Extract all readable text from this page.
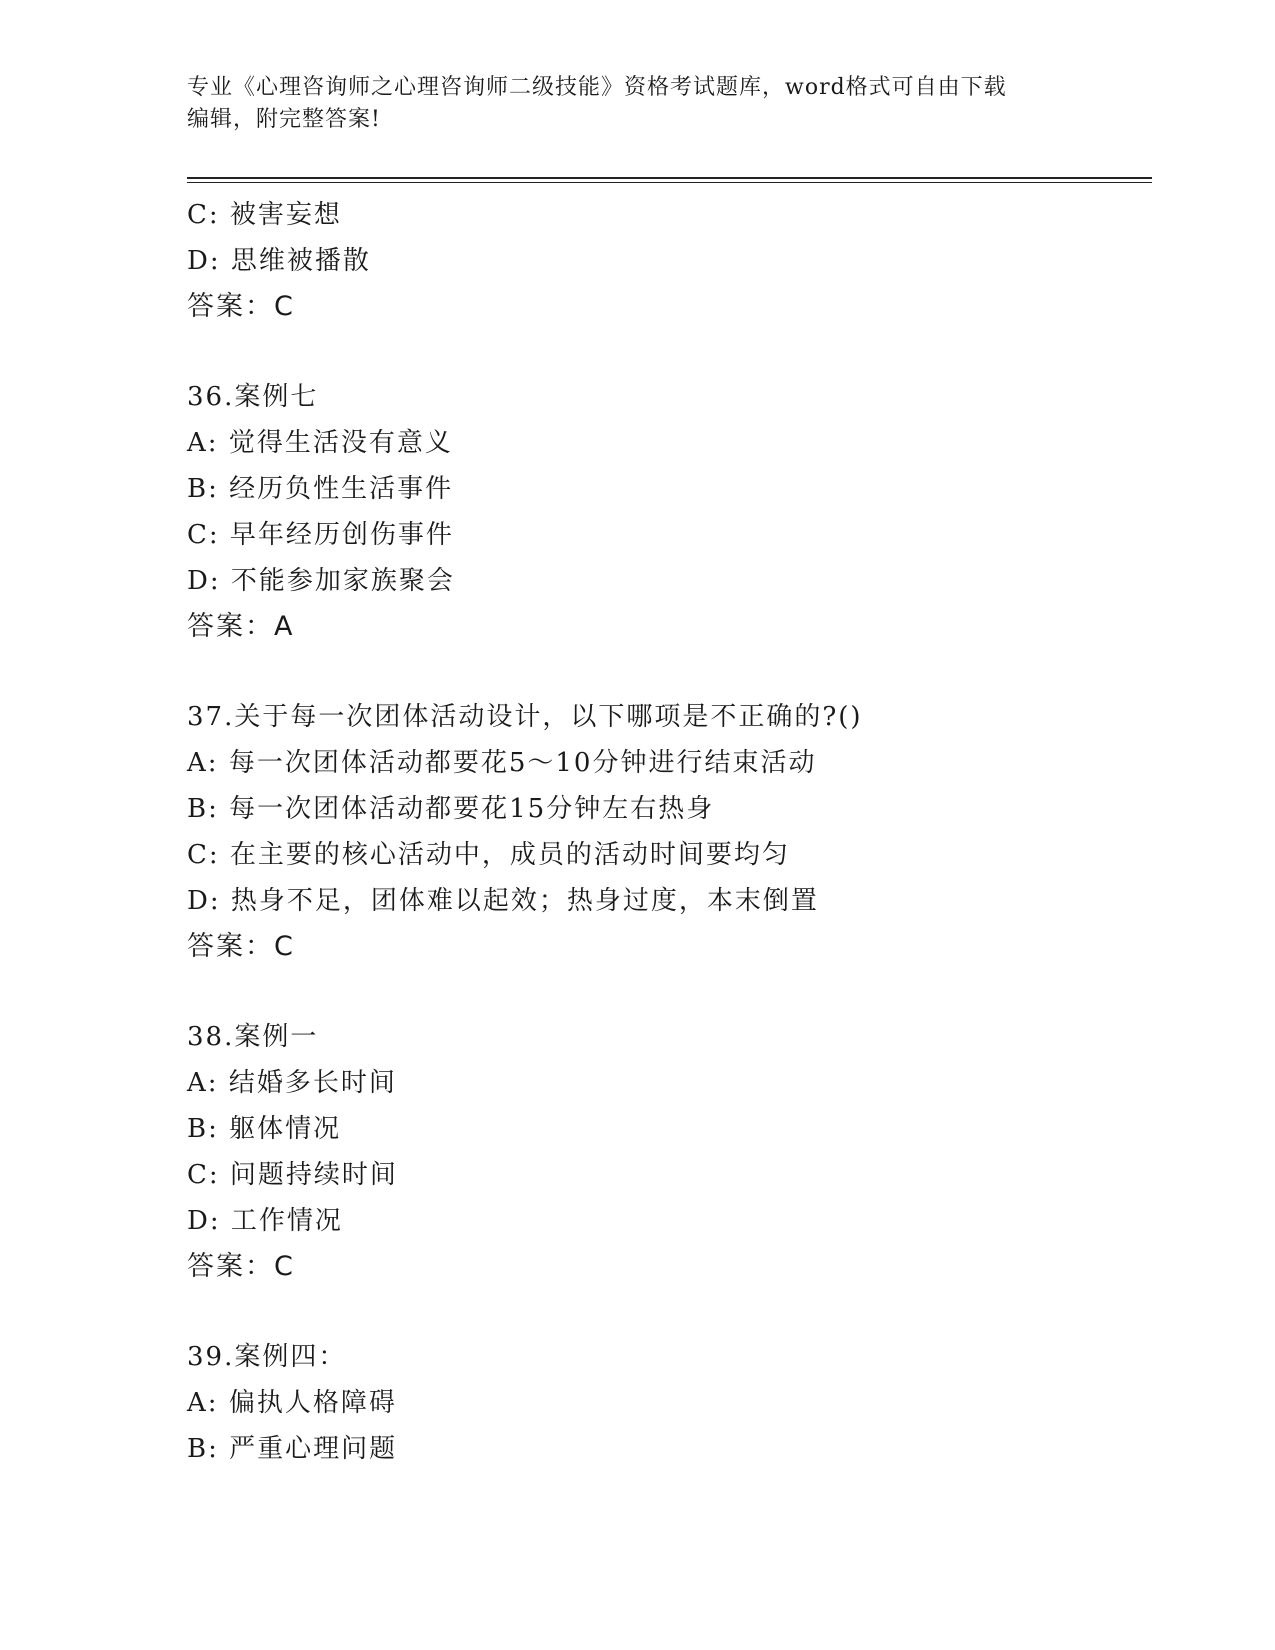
专业《心理咨询师之心理咨询师二级技能》资格考试题库，word格式可自由下载
编辑，附完整答案!
C: 被害妄想
D: 思维被播散
答案：C
36.案例七
A: 觉得生活没有意义
B: 经历负性生活事件
C: 早年经历创伤事件
D: 不能参加家族聚会
答案：A
37.关于每一次团体活动设计，以下哪项是不正确的?()
A: 每一次团体活动都要花5～10分钟进行结束活动
B: 每一次团体活动都要花15分钟左右热身
C: 在主要的核心活动中，成员的活动时间要均匀
D: 热身不足，团体难以起效；热身过度，本末倒置
答案：C
38.案例一
A: 结婚多长时间
B: 躯体情况
C: 问题持续时间
D: 工作情况
答案：C
39.案例四：
A: 偏执人格障碍
B: 严重心理问题
